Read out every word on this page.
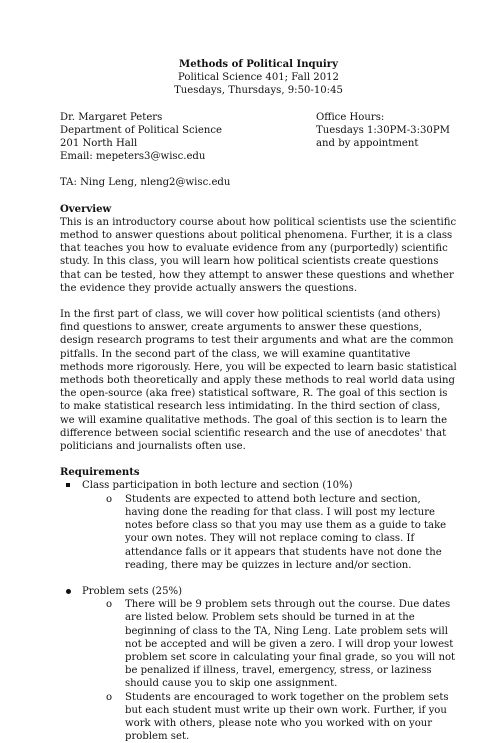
Methods of Political Inquiry
Political Science 401; Fall 2012
Tuesdays, Thursdays, 9:50-10:45
Dr. Margaret Peters
Department of Political Science
201 North Hall
Email: mepeters3@wisc.edu
Office Hours:
Tuesdays 1:30PM-3:30PM
and by appointment
TA: Ning Leng, nleng2@wisc.edu
Overview

This is an introductory course about how political scientists use the scientific method to answer questions about political phenomena. Further, it is a class that teaches you how to evaluate evidence from any (purportedly) scientific study. In this class, you will learn how political scientists create questions that can be tested, how they attempt to answer these questions and whether the evidence they provide actually answers the questions.

In the first part of class, we will cover how political scientists (and others) find questions to answer, create arguments to answer these questions, design research programs to test their arguments and what are the common pitfalls. In the second part of the class, we will examine quantitative methods more rigorously. Here, you will be expected to learn basic statistical methods both theoretically and apply these methods to real world data using the open-source (aka free) statistical software, R. The goal of this section is to make statistical research less intimidating. In the third section of class, we will examine qualitative methods. The goal of this section is to learn the difference between social scientific research and the use of anecdotes' that politicians and journalists often use.

Requirements
Class participation in both lecture and section (10%)
o Students are expected to attend both lecture and section, having done the reading for that class. I will post my lecture notes before class so that you may use them as a guide to take your own notes. They will not replace coming to class. If attendance falls or it appears that students have not done the reading, there may be quizzes in lecture and/or section.
Problem sets (25%)
o There will be 9 problem sets through out the course. Due dates are listed below. Problem sets should be turned in at the beginning of class to the TA, Ning Leng. Late problem sets will not be accepted and will be given a zero. I will drop your lowest problem set score in calculating your final grade, so you will not be penalized if illness, travel, emergency, stress, or laziness should cause you to skip one assignment.
o Students are encouraged to work together on the problem sets but each student must write up their own work. Further, if you work with others, please note who you worked with on your problem set.
